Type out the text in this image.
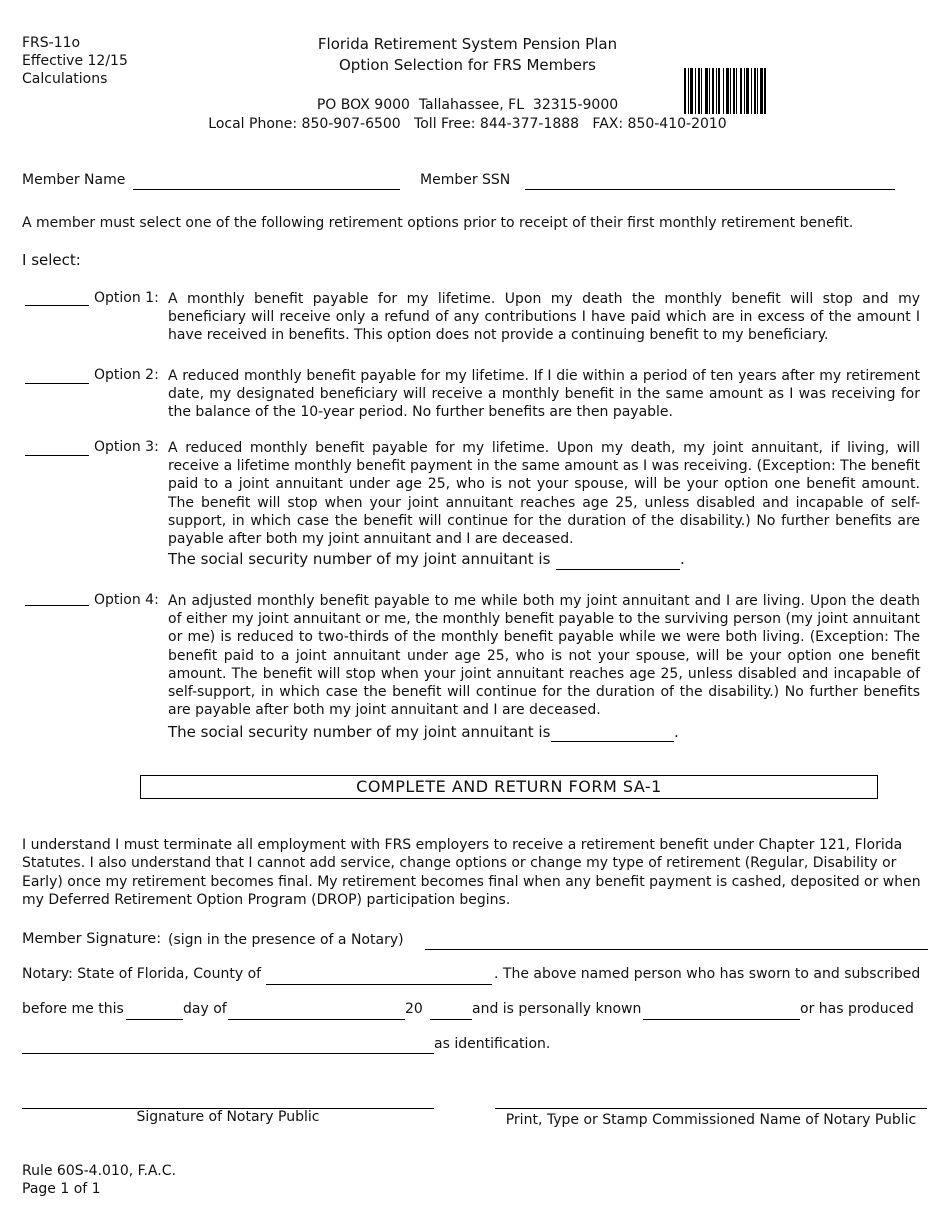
FRS-11o
Effective 12/15
Calculations
Florida Retirement System Pension Plan
Option Selection for FRS Members
PO BOX 9000  Tallahassee, FL  32315-9000
Local Phone: 850-907-6500   Toll Free: 844-377-1888   FAX: 850-410-2010
Member Name	Member SSN
A member must select one of the following retirement options prior to receipt of their first monthly retirement benefit.
I select:
Option 1: A monthly benefit payable for my lifetime. Upon my death the monthly benefit will stop and my beneficiary will receive only a refund of any contributions I have paid which are in excess of the amount I have received in benefits. This option does not provide a continuing benefit to my beneficiary.
Option 2: A reduced monthly benefit payable for my lifetime. If I die within a period of ten years after my retirement date, my designated beneficiary will receive a monthly benefit in the same amount as I was receiving for the balance of the 10-year period. No further benefits are then payable.
Option 3: A reduced monthly benefit payable for my lifetime. Upon my death, my joint annuitant, if living, will receive a lifetime monthly benefit payment in the same amount as I was receiving. (Exception: The benefit paid to a joint annuitant under age 25, who is not your spouse, will be your option one benefit amount. The benefit will stop when your joint annuitant reaches age 25, unless disabled and incapable of self-support, in which case the benefit will continue for the duration of the disability.) No further benefits are payable after both my joint annuitant and I are deceased.
The social security number of my joint annuitant is	.
Option 4: An adjusted monthly benefit payable to me while both my joint annuitant and I are living. Upon the death of either my joint annuitant or me, the monthly benefit payable to the surviving person (my joint annuitant or me) is reduced to two-thirds of the monthly benefit payable while we were both living. (Exception: The benefit paid to a joint annuitant under age 25, who is not your spouse, will be your option one benefit amount. The benefit will stop when your joint annuitant reaches age 25, unless disabled and incapable of self-support, in which case the benefit will continue for the duration of the disability.) No further benefits are payable after both my joint annuitant and I are deceased.
The social security number of my joint annuitant is	.
COMPLETE AND RETURN FORM SA-1
I understand I must terminate all employment with FRS employers to receive a retirement benefit under Chapter 121, Florida Statutes. I also understand that I cannot add service, change options or change my type of retirement (Regular, Disability or Early) once my retirement becomes final. My retirement becomes final when any benefit payment is cashed, deposited or when my Deferred Retirement Option Program (DROP) participation begins.
Member Signature: (sign in the presence of a Notary)
Notary: State of Florida, County of	. The above named person who has sworn to and subscribed
before me this	day of	20	and is personally known	or has produced
as identification.
Signature of Notary Public	Print, Type or Stamp Commissioned Name of Notary Public
Rule 60S-4.010, F.A.C.
Page 1 of 1
